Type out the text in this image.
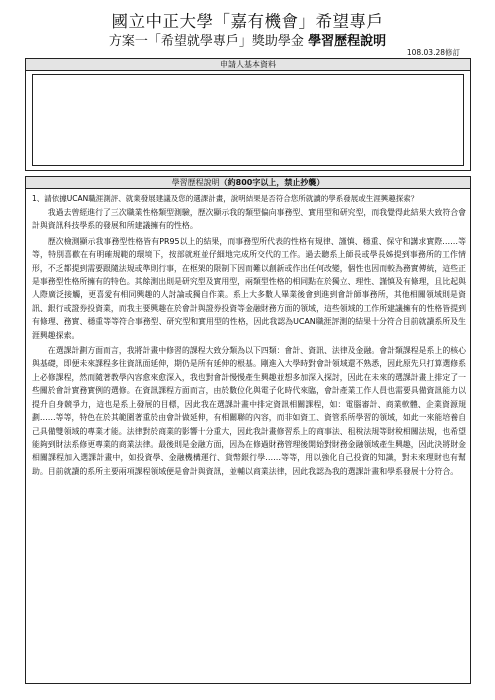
國立中正大學「嘉有機會」希望專戶
方案一「希望就學專戶」獎助學金 學習歷程說明
108.03.28修訂
申請人基本資料
學習歷程說明（約800字以上，禁止抄襲）
1、請依據UCAN職涯測評、就業發展建議及您的選課計畫，說明結果是否符合您所就讀的學系發展或生涯興趣探索？

我過去曾經進行了三次職業性格類型測驗，歷次顯示我的類型偏向事務型、實用型和研究型，而我覺得此結果大致符合會計與資訊科技學系的發展和所建議擁有的性格。

歷次檢測顯示我事務型性格皆有PR95以上的結果，而事務型所代表的性格有規律、謹慎、穩重、保守和講求實際……等等，特別喜歡在有明確規範的環境下，按部就班並仔細地完成所交代的工作。過去聽系上師長或學長姊提到事務所的工作情形，不乏都提到需要跟隨法規或準則行事，在框架的限制下因而難以創新或作出任何改變，個性也因而較為務實傳統，這些正是事務型性格所擁有的特色。其餘測出則是研究型及實用型，兩類型性格的相同點在於獨立、理性、謹慎及有條理，且比起與人際廣泛接觸，更喜愛有相同興趣的人討論或獨自作業。系上大多數人畢業後會到進到會計師事務所，其他相關領域則是資訊、銀行或證券投資業，而我主要興趣在於會計與證券投資等金融財務方面的領域，這些領域的工作所建議擁有的性格皆提到有條理、務實、穩重等等符合事務型、研究型和實用型的性格，因此我認為UCAN職涯評測的結果十分符合目前就讀系所及生涯興趣探索。

在選課計劃方面而言，我將計畫中修習的課程大致分類為以下四類：會計、資訊、法律及金融。會計類課程是系上的核心與基礎，即便未來課程多往資訊面延伸，期仍是所有延伸的根基。剛進入大學時對會計領域還不熟悉，因此原先只打算選修系上必修課程，然而隨著教學內容愈來愈深入，我也對會計慢慢產生興趣並想多加深入探討，因此在未來的選課計畫上排定了一些關於會計實務實例的選修。在資訊課程方面而言，由於數位化與電子化時代來臨，會計產業工作人員也需要具備資訊能力以提升自身競爭力，這也是系上發展的目標，因此我在選課計畫中排定資訊相關課程，如：電腦審計、商業軟體、企業資源規劃……等等，特色在於其範圍著重於由會計做延伸，有相關聯的內容，而非如資工、資管系所學習的領域，如此一來能培養自己具備雙領域的專業才能。法律對於商業的影響十分重大，因此我計畫修習系上的商事法、租稅法規等財稅相關法規，也希望能夠到財法系修更專業的商業法律。最後則是金融方面，因為在修過財務管理後開始對財務金融領域產生興趣，因此決將財金相關課程加入選課計畫中，如投資學、金融機構運行、貨幣銀行學……等等，用以強化自己投資的知識，對未來理財也有幫助。目前就讀的系所主要兩項課程領域便是會計與資訊，並輔以商業法律，因此我認為我的選課計畫和學系發展十分符合。
